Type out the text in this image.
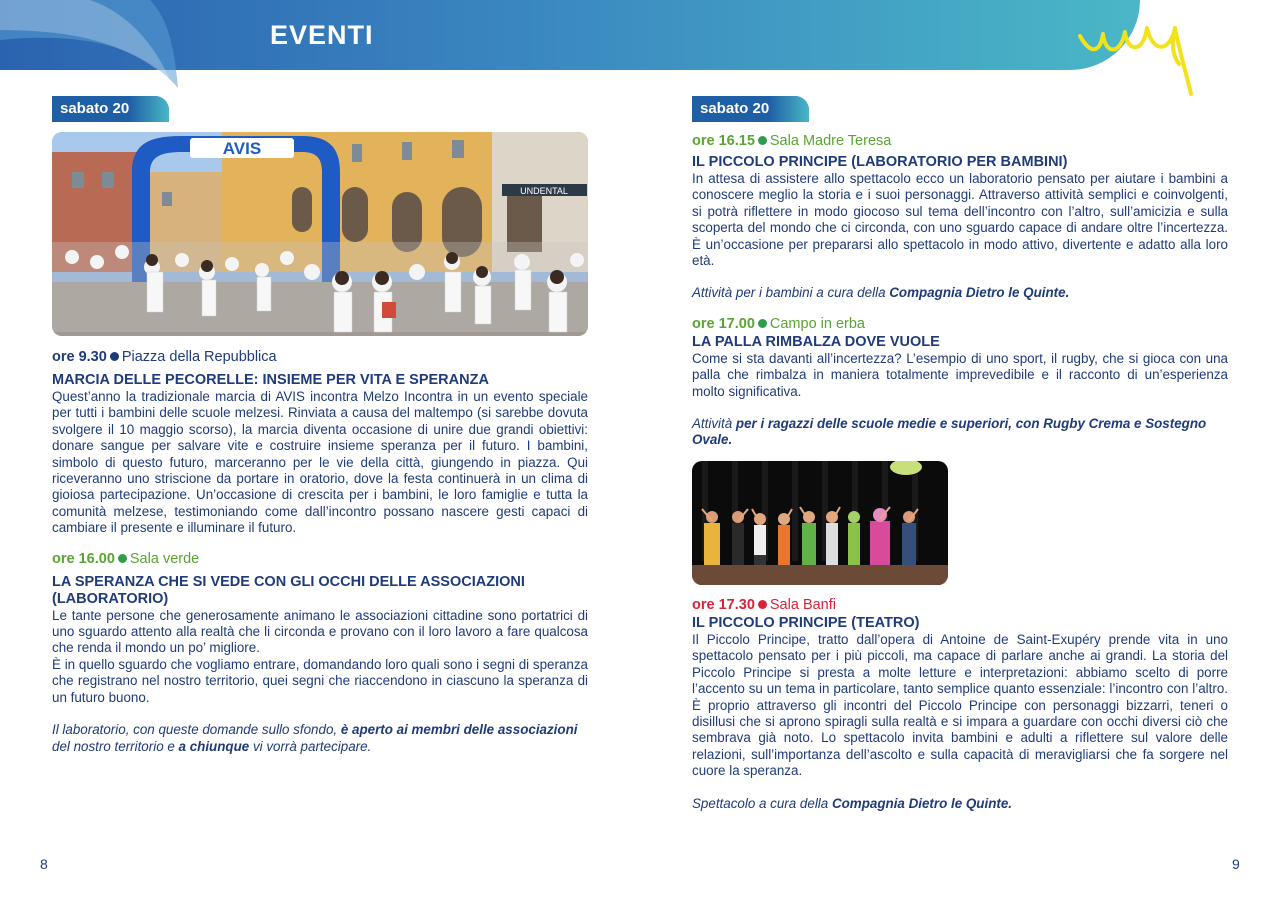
EVENTI
sabato 20
AVIS
UNDENTAL

ore 9.30 Piazza della Repubblica

MARCIA DELLE PECORELLE: INSIEME PER VITA E SPERANZA

Quest’anno la tradizionale marcia di AVIS incontra Melzo Incontra in un evento speciale per tutti i bambini delle scuole melzesi. Rinviata a causa del maltempo (si sarebbe dovuta svolgere il 10 maggio scorso), la marcia diventa occasione di unire due grandi obiettivi: donare sangue per salvare vite e costruire insieme speranza per il futuro. I bambini, simbolo di questo futuro, marceranno per le vie della città, giungendo in piazza. Qui riceveranno uno striscione da portare in oratorio, dove la festa continuerà in un clima di gioiosa partecipazione. Un’occasione di crescita per i bambini, le loro famiglie e tutta la comunità melzese, testimoniando come dall’incontro possano nascere gesti capaci di cambiare il presente e illuminare il futuro.

ore 16.00 Sala verde

LA SPERANZA CHE SI VEDE CON GLI OCCHI DELLE ASSOCIAZIONI (LABORATORIO)

Le tante persone che generosamente animano le associazioni cittadine sono portatrici di uno sguardo attento alla realtà che li circonda e provano con il loro lavoro a fare qualcosa che renda il mondo un po’ migliore.

È in quello sguardo che vogliamo entrare, domandando loro quali sono i segni di speranza che registrano nel nostro territorio, quei segni che riaccendono in ciascuno la speranza di un futuro buono.

Il laboratorio, con queste domande sullo sfondo, è aperto ai membri delle associazioni del nostro territorio e a chiunque vi vorrà partecipare.

8
sabato 20

ore 16.15 Sala Madre Teresa

IL PICCOLO PRINCIPE (LABORATORIO PER BAMBINI)

In attesa di assistere allo spettacolo ecco un laboratorio pensato per aiutare i bambini a conoscere meglio la storia e i suoi personaggi. Attraverso attività semplici e coinvolgenti, si potrà riflettere in modo giocoso sul tema dell’incontro con l’altro, sull’amicizia e sulla scoperta del mondo che ci circonda, con uno sguardo capace di andare oltre l’incertezza. È un’occasione per prepararsi allo spettacolo in modo attivo, divertente e adatto alla loro età.

Attività per i bambini a cura della Compagnia Dietro le Quinte.

ore 17.00 Campo in erba

LA PALLA RIMBALZA DOVE VUOLE

Come si sta davanti all’incertezza? L’esempio di uno sport, il rugby, che si gioca con una palla che rimbalza in maniera totalmente imprevedibile e il racconto di un’esperienza molto significativa.

Attività per i ragazzi delle scuole medie e superiori, con Rugby Crema e Sostegno Ovale.

ore 17.30 Sala Banfi

IL PICCOLO PRINCIPE (TEATRO)

Il Piccolo Principe, tratto dall’opera di Antoine de Saint-Exupéry prende vita in uno spettacolo pensato per i più piccoli, ma capace di parlare anche ai grandi. La storia del Piccolo Principe si presta a molte letture e interpretazioni: abbiamo scelto di porre l’accento su un tema in particolare, tanto semplice quanto essenziale: l’incontro con l’altro. È proprio attraverso gli incontri del Piccolo Principe con personaggi bizzarri, teneri o disillusi che si aprono spiragli sulla realtà e si impara a guardare con occhi diversi ciò che sembrava già noto. Lo spettacolo invita bambini e adulti a riflettere sul valore delle relazioni, sull’importanza dell’ascolto e sulla capacità di meravigliarsi che fa sorgere nel cuore la speranza.

Spettacolo a cura della Compagnia Dietro le Quinte.

9
